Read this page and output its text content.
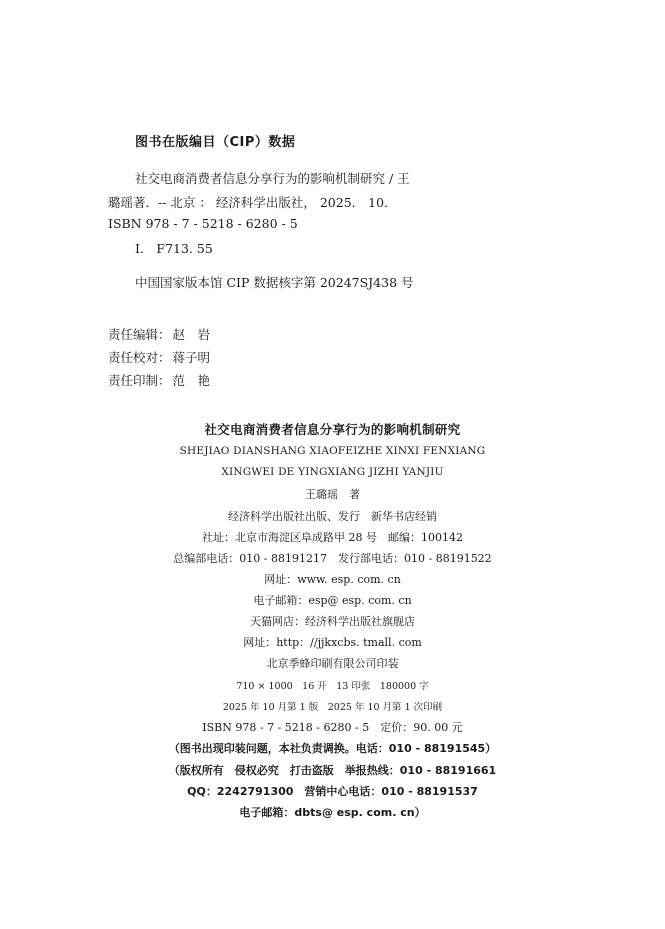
图书在版编目（CIP）数据
社交电商消费者信息分享行为的影响机制研究 / 王
璐瑶著．-- 北京 ： 经济科学出版社， 2025． 10．
ISBN 978 - 7 - 5218 - 6280 - 5
Ⅰ． F713. 55
中国国家版本馆 CIP 数据核字第 20247SJ438 号
责任编辑： 赵　岩
责任校对： 蒋子明
责任印制： 范　艳
社交电商消费者信息分享行为的影响机制研究
SHEJIAO DIANSHANG XIAOFEIZHE XINXI FENXIANG
XINGWEI DE YINGXIANG JIZHI YANJIU
王璐瑶　著
经济科学出版社出版、发行　新华书店经销
社址：北京市海淀区阜成路甲 28 号　邮编：100142
总编部电话：010 - 88191217　发行部电话：010 - 88191522
网址：www. esp. com. cn
电子邮箱：esp@ esp. com. cn
天猫网店：经济科学出版社旗舰店
网址：http：//jjkxcbs. tmall. com
北京季蜂印刷有限公司印装
710 × 1000　16 开　13 印张　180000 字
2025 年 10 月第 1 版　2025 年 10 月第 1 次印刷
ISBN 978 - 7 - 5218 - 6280 - 5　定价：90. 00 元
（图书出现印装问题，本社负责调换。电话：010 - 88191545）
（版权所有　侵权必究　打击盗版　举报热线：010 - 88191661
QQ：2242791300　营销中心电话：010 - 88191537
电子邮箱：dbts@ esp. com. cn）
